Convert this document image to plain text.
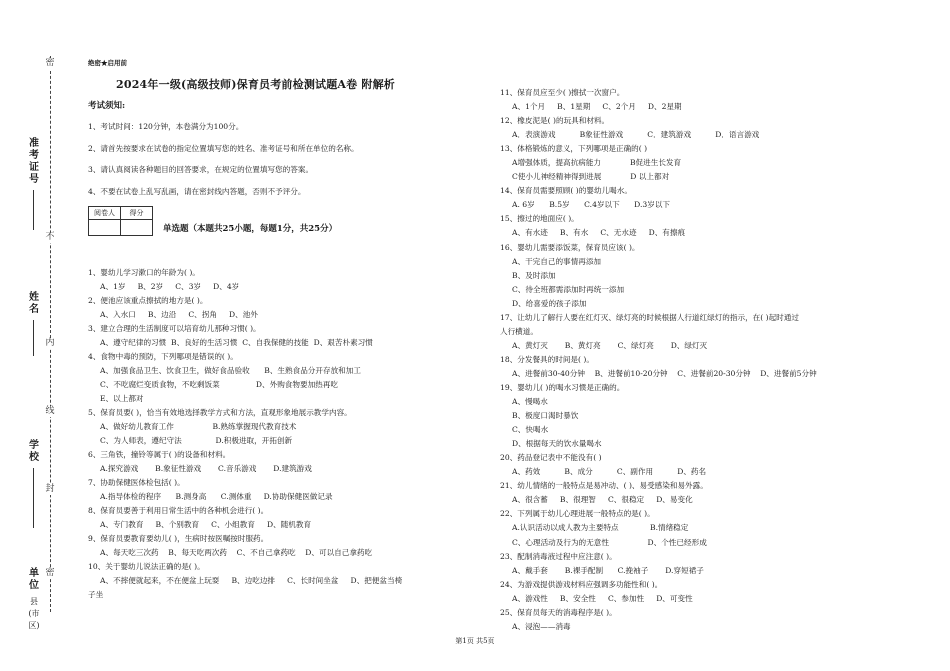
密
不
内
线
封
密
准考证号
姓名
学校
单位
县(市区)
绝密★启用前
2024年一级(高级技师)保育员考前检测试题A卷 附解析
考试须知:
1、考试时间：120分钟，本卷满分为100分。
2、请首先按要求在试卷的指定位置填写您的姓名、准考证号和所在单位的名称。
3、请认真阅读各种题目的回答要求，在规定的位置填写您的答案。
4、不要在试卷上乱写乱画，请在密封线内答题，否则不予评分。
阅卷人	得分

单选题（本题共25小题，每题1分，共25分）
1、婴幼儿学习漱口的年龄为( )。
A、1岁     B、2岁     C、3岁     D、4岁
2、便池应该重点擦拭的地方是( )。
A、入水口     B、边沿     C、拐角     D、池外
3、建立合理的生活制度可以培育幼儿那种习惯( )。
A、遵守纪律的习惯  B、良好的生活习惯  C、自我保健的技能  D、艰苦朴素习惯
4、食物中毒的预防，下列哪项是错误的( )。
A、加强食品卫生、饮食卫生，做好食品验收      B、生熟食品分开存放和加工
C、不吃腐烂变质食物，不吃剩饭菜               D、外购食物要加热再吃
E、以上都对
5、保育员要( )，恰当有效地选择教学方式和方法，直观形象地展示教学内容。
A、做好幼儿教育工作                B.熟练掌握现代教育技术
C、为人师表，遵纪守法              D.积极进取，开拓创新
6、三角铁，撞铃等属于( )的设备和材料。
A.探究游戏       B.象征性游戏       C.音乐游戏       D.建筑游戏
7、协助保健医体检包括( )。
A.指导体检的程序      B.测身高      C.测体重     D.协助保健医做记录
8、保育员要善于利用日常生活中的各种机会进行( )。
A、专门教育     B、个别教育     C、小组教育     D、随机教育
9、保育员要教育要幼儿( )，生病时按医嘱按时服药。
A、每天吃三次药    B、每天吃两次药    C、不自己拿药吃    D、可以自己拿药吃
10、关于婴幼儿说法正确的是( )。
A、不摔便就起来，不在便盆上玩耍     B、边吃边排     C、长时间坐盆     D、把便盆当椅
子坐
11、保育员应至少( )擦拭一次窗户。
A、1个月     B、1星期     C、2个月     D、2星期
12、橡皮泥是( )的玩具和材料。
A．表演游戏          B象征性游戏          C．建筑游戏          D．语言游戏
13、体格锻炼的意义，下列哪项是正确的( )
A增强体质，提高抗病能力            B促进生长发育
C使小儿神经精神得到进展            D 以上都对
14、保育员需要照顾( )的婴幼儿喝水。
A. 6岁      B.5岁      C.4岁以下      D.3岁以下
15、擦过的地面应( )。
A、有水迹     B、有水     C、无水迹     D、有擦痕
16、婴幼儿需要添饭菜，保育员应该( )。
A、干完自己的事情再添加
B、及时添加
C、待全班都需添加时再统一添加
D、给喜爱的孩子添加
17、让幼儿了解行人要在红灯灭、绿灯亮的时候根据人行道红绿灯的指示，在( )起时通过
人行横道。
A、黄灯灭       B、黄灯亮       C、绿灯亮       D、绿灯灭
18、分发餐具的时间是( )。
A、进餐前30-40分钟    B、进餐前10-20分钟    C、进餐前20-30分钟    D、进餐前5分钟
19、婴幼儿( )的喝水习惯是正确的。
A、慢喝水
B、极度口渴时暴饮
C、快喝水
D、根据每天的饮水量喝水
20、药品登记表中不能没有( )
A、药效          B、成分          C、副作用          D、药名
21、幼儿情绪的一般特点是易冲动、( )、易受感染和易外露。
A、很含蓄     B、很理智     C、很稳定     D、易变化
22、下列属于幼儿心理进展一般特点的是( )。
A.认识活动以成人教为主要特点             B.情绪稳定
C、心理活动及行为的无意性                D、个性已经形成
23、配制消毒液过程中应注意( )。
A、戴手套       B.裸手配制      C.挽袖子       D.穿短裙子
24、为游戏提供游戏材料应强调多功能性和( )。
A、游戏性     B、安全性     C、参加性     D、可变性
25、保育员每天的消毒程序是( )。
A、浸泡——消毒
第1页 共5页
